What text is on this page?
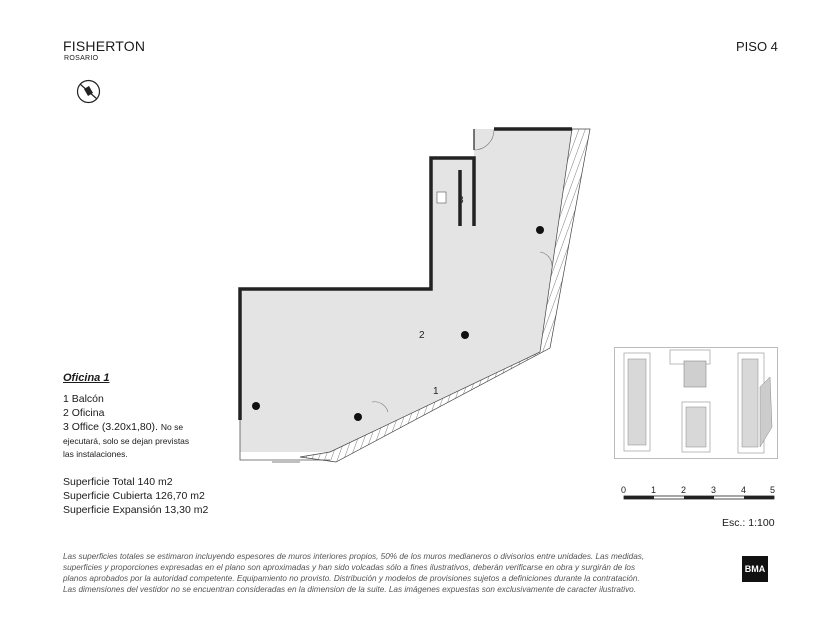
FISHERTON
ROSARIO
PISO 4
1
2
3
Oficina 1
1 Balcón
2 Oficina
3 Office (3.20x1,80). No se
ejecutará, solo se dejan previstas
las instalaciones.
Superficie Total 140 m2
Superficie Cubierta 126,70 m2
Superficie Expansión 13,30 m2
0	1	2	3	4	5
Esc.: 1:100
Las superficies totales se estimaron incluyendo espesores de muros interiores propios, 50% de los muros medianeros o divisorios entre unidades. Las medidas,
superficies y proporciones expresadas en el plano son aproximadas y han sido volcadas sólo a fines ilustrativos, deberán verificarse en obra y surgirán de los
planos aprobados por la autoridad competente. Equipamiento no provisto. Distribución y modelos de provisiones sujetos a definiciones durante la contratación.
Las dimensiones del vestidor no se encuentran consideradas en la dimension de la suite. Las imágenes expuestas son exclusivamente de caracter ilustrativo.
BMA
